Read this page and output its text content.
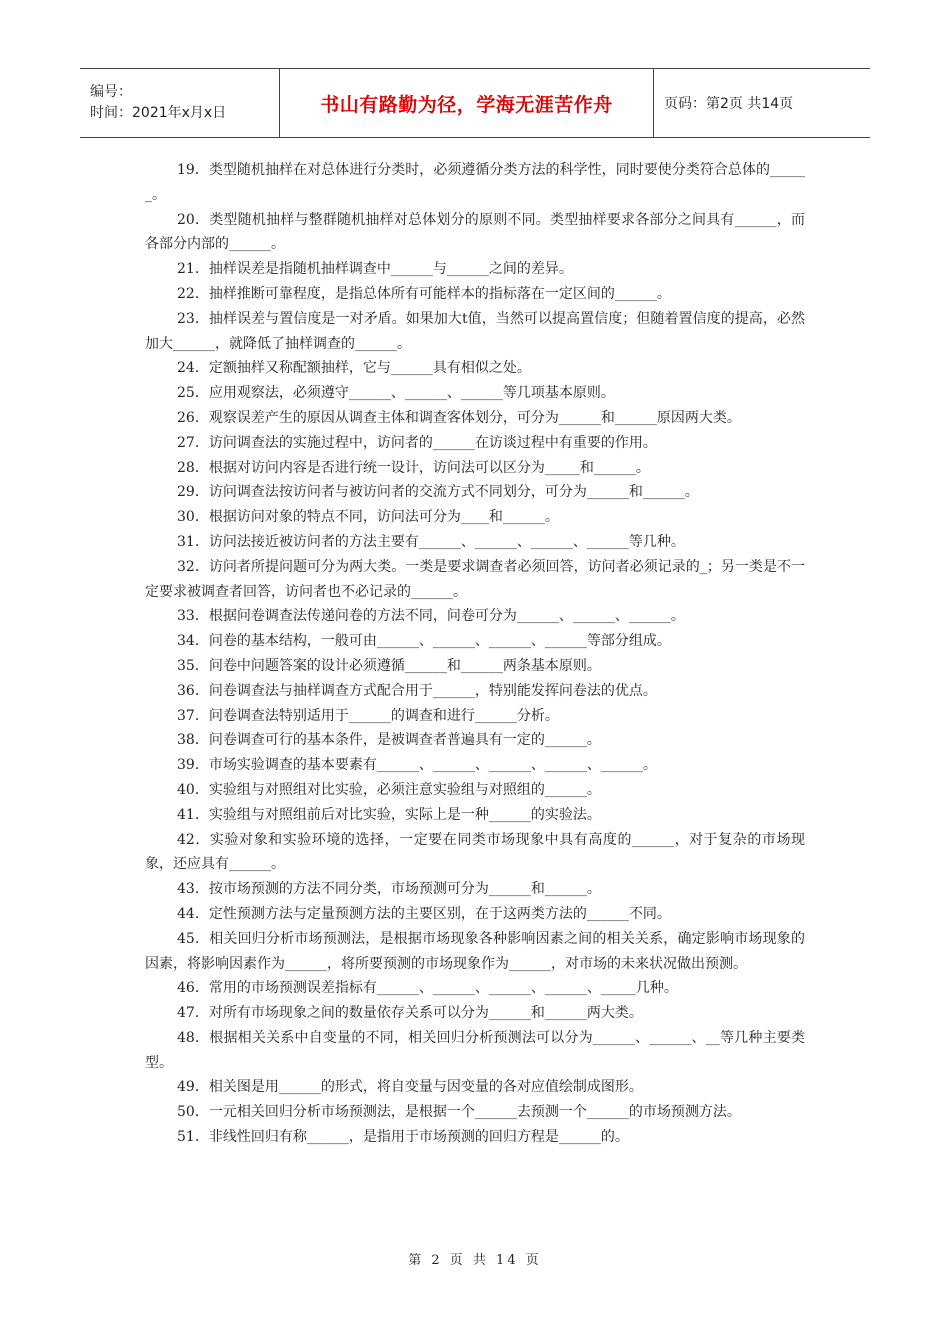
编号：
时间：2021年x月x日	书山有路勤为径，学海无涯苦作舟	页码：第2页 共14页

19．类型随机抽样在对总体进行分类时，必须遵循分类方法的科学性，同时要使分类符合总体的______。

20．类型随机抽样与整群随机抽样对总体划分的原则不同。类型抽样要求各部分之间具有______，而各部分内部的______。

21．抽样误差是指随机抽样调查中______与______之间的差异。

22．抽样推断可靠程度，是指总体所有可能样本的指标落在一定区间的______。

23．抽样误差与置信度是一对矛盾。如果加大t值，当然可以提高置信度；但随着置信度的提高，必然加大______，就降低了抽样调查的______。

24．定额抽样又称配额抽样，它与______具有相似之处。

25．应用观察法，必须遵守______、______、______等几项基本原则。

26．观察误差产生的原因从调查主体和调查客体划分，可分为______和______原因两大类。

27．访问调查法的实施过程中，访问者的______在访谈过程中有重要的作用。

28．根据对访问内容是否进行统一设计，访问法可以区分为_____和______。

29．访问调查法按访问者与被访问者的交流方式不同划分，可分为______和______。

30．根据访问对象的特点不同，访问法可分为____和______。

31．访问法接近被访问者的方法主要有______、______、______、______等几种。

32．访问者所提问题可分为两大类。一类是要求调查者必须回答，访问者必须记录的_；另一类是不一定要求被调查者回答，访问者也不必记录的______。

33．根据问卷调查法传递问卷的方法不同，问卷可分为______、______、______。

34．问卷的基本结构，一般可由______、______、______、______等部分组成。

35．问卷中问题答案的设计必须遵循______和______两条基本原则。

36．问卷调查法与抽样调查方式配合用于______，特别能发挥问卷法的优点。

37．问卷调查法特别适用于______的调查和进行______分析。

38．问卷调查可行的基本条件，是被调查者普遍具有一定的______。

39．市场实验调查的基本要素有______、______、______、______、______。

40．实验组与对照组对比实验，必须注意实验组与对照组的______。

41．实验组与对照组前后对比实验，实际上是一种______的实验法。

42．实验对象和实验环境的选择，一定要在同类市场现象中具有高度的______，对于复杂的市场现象，还应具有______。

43．按市场预测的方法不同分类，市场预测可分为______和______。

44．定性预测方法与定量预测方法的主要区别，在于这两类方法的______不同。

45．相关回归分析市场预测法，是根据市场现象各种影响因素之间的相关关系，确定影响市场现象的因素，将影响因素作为______，将所要预测的市场现象作为______，对市场的未来状况做出预测。

46．常用的市场预测误差指标有______、______、______、______、_____几种。

47．对所有市场现象之间的数量依存关系可以分为______和______两大类。

48．根据相关关系中自变量的不同，相关回归分析预测法可以分为______、______、__等几种主要类型。

49．相关图是用______的形式，将自变量与因变量的各对应值绘制成图形。

50．一元相关回归分析市场预测法，是根据一个______去预测一个______的市场预测方法。

51．非线性回归有称______，是指用于市场预测的回归方程是______的。

第 2 页 共 14 页
